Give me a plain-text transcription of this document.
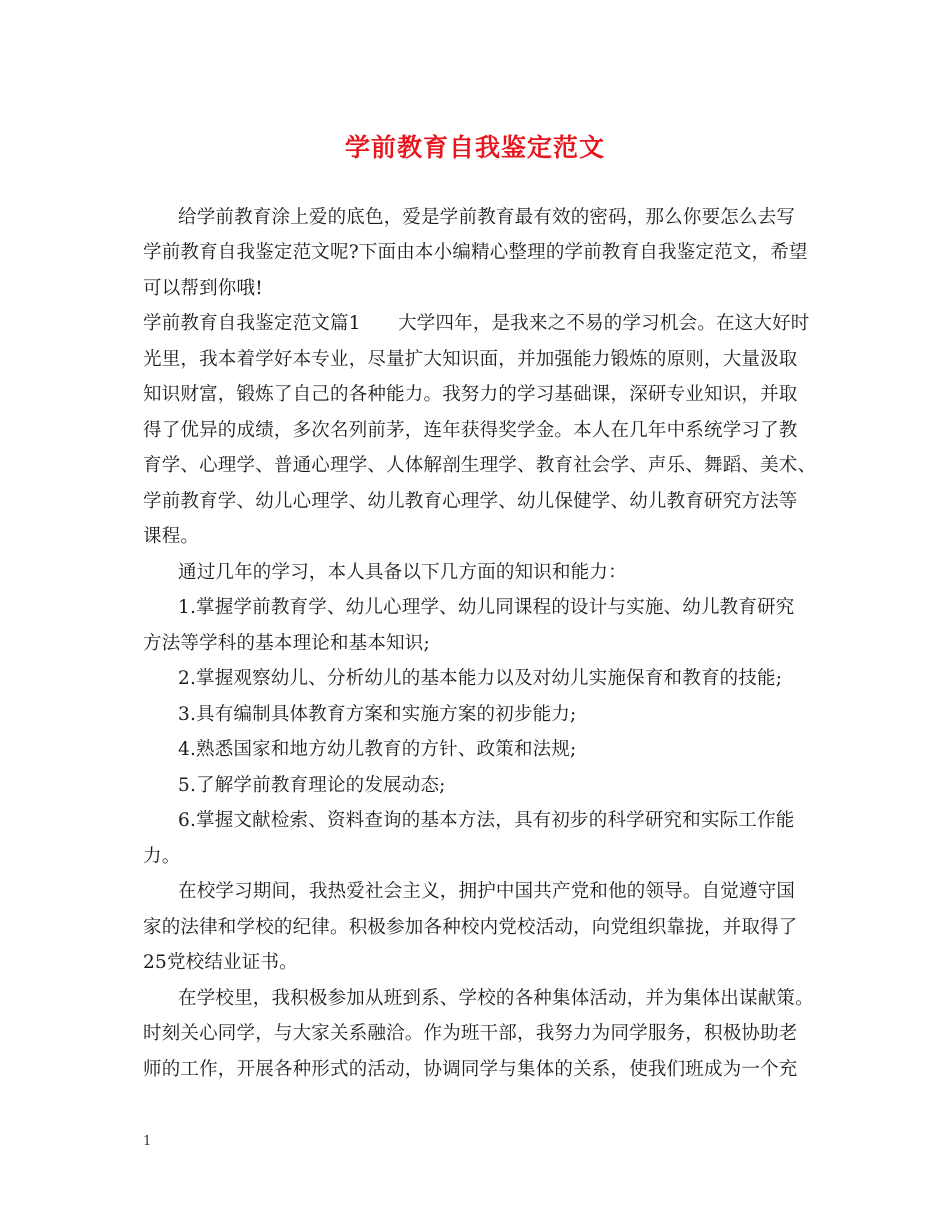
学前教育自我鉴定范文
给学前教育涂上爱的底色，爱是学前教育最有效的密码，那么你要怎么去写
学前教育自我鉴定范文呢?下面由本小编精心整理的学前教育自我鉴定范文，希望
可以帮到你哦!
学前教育自我鉴定范文篇1　　大学四年，是我来之不易的学习机会。在这大好时
光里，我本着学好本专业，尽量扩大知识面，并加强能力锻炼的原则，大量汲取
知识财富，锻炼了自己的各种能力。我努力的学习基础课，深研专业知识，并取
得了优异的成绩，多次名列前茅，连年获得奖学金。本人在几年中系统学习了教
育学、心理学、普通心理学、人体解剖生理学、教育社会学、声乐、舞蹈、美术、
学前教育学、幼儿心理学、幼儿教育心理学、幼儿保健学、幼儿教育研究方法等
课程。
通过几年的学习，本人具备以下几方面的知识和能力：
1.掌握学前教育学、幼儿心理学、幼儿同课程的设计与实施、幼儿教育研究
方法等学科的基本理论和基本知识;
2.掌握观察幼儿、分析幼儿的基本能力以及对幼儿实施保育和教育的技能;
3.具有编制具体教育方案和实施方案的初步能力;
4.熟悉国家和地方幼儿教育的方针、政策和法规;
5.了解学前教育理论的发展动态;
6.掌握文献检索、资料查询的基本方法，具有初步的科学研究和实际工作能
力。
在校学习期间，我热爱社会主义，拥护中国共产党和他的领导。自觉遵守国
家的法律和学校的纪律。积极参加各种校内党校活动，向党组织靠拢，并取得了
25党校结业证书。
在学校里，我积极参加从班到系、学校的各种集体活动，并为集体出谋献策。
时刻关心同学，与大家关系融洽。作为班干部，我努力为同学服务，积极协助老
师的工作，开展各种形式的活动，协调同学与集体的关系，使我们班成为一个充
1
